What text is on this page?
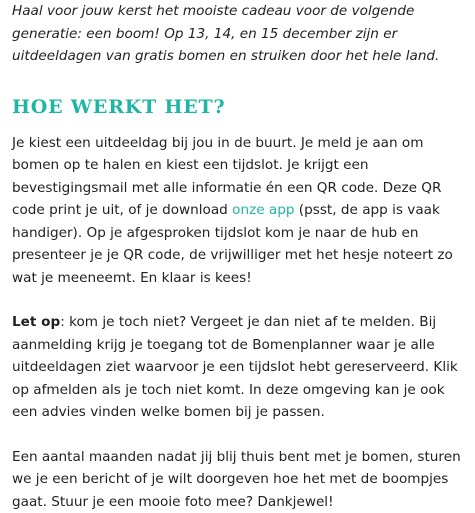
Haal voor jouw kerst het mooiste cadeau voor de volgende generatie: een boom! Op 13, 14, en 15 december zijn er uitdeeldagen van gratis bomen en struiken door het hele land.

HOE WERKT HET?

Je kiest een uitdeeldag bij jou in de buurt. Je meld je aan om bomen op te halen en kiest een tijdslot. Je krijgt een bevestigingsmail met alle informatie én een QR code. Deze QR code print je uit, of je download onze app (psst, de app is vaak handiger). Op je afgesproken tijdslot kom je naar de hub en presenteer je je QR code, de vrijwilliger met het hesje noteert zo wat je meeneemt. En klaar is kees!

Let op: kom je toch niet? Vergeet je dan niet af te melden. Bij aanmelding krijg je toegang tot de Bomenplanner waar je alle uitdeeldagen ziet waarvoor je een tijdslot hebt gereserveerd. Klik op afmelden als je toch niet komt. In deze omgeving kan je ook een advies vinden welke bomen bij je passen.

Een aantal maanden nadat jij blij thuis bent met je bomen, sturen we je een bericht of je wilt doorgeven hoe het met de boompjes gaat. Stuur je een mooie foto mee? Dankjewel!
